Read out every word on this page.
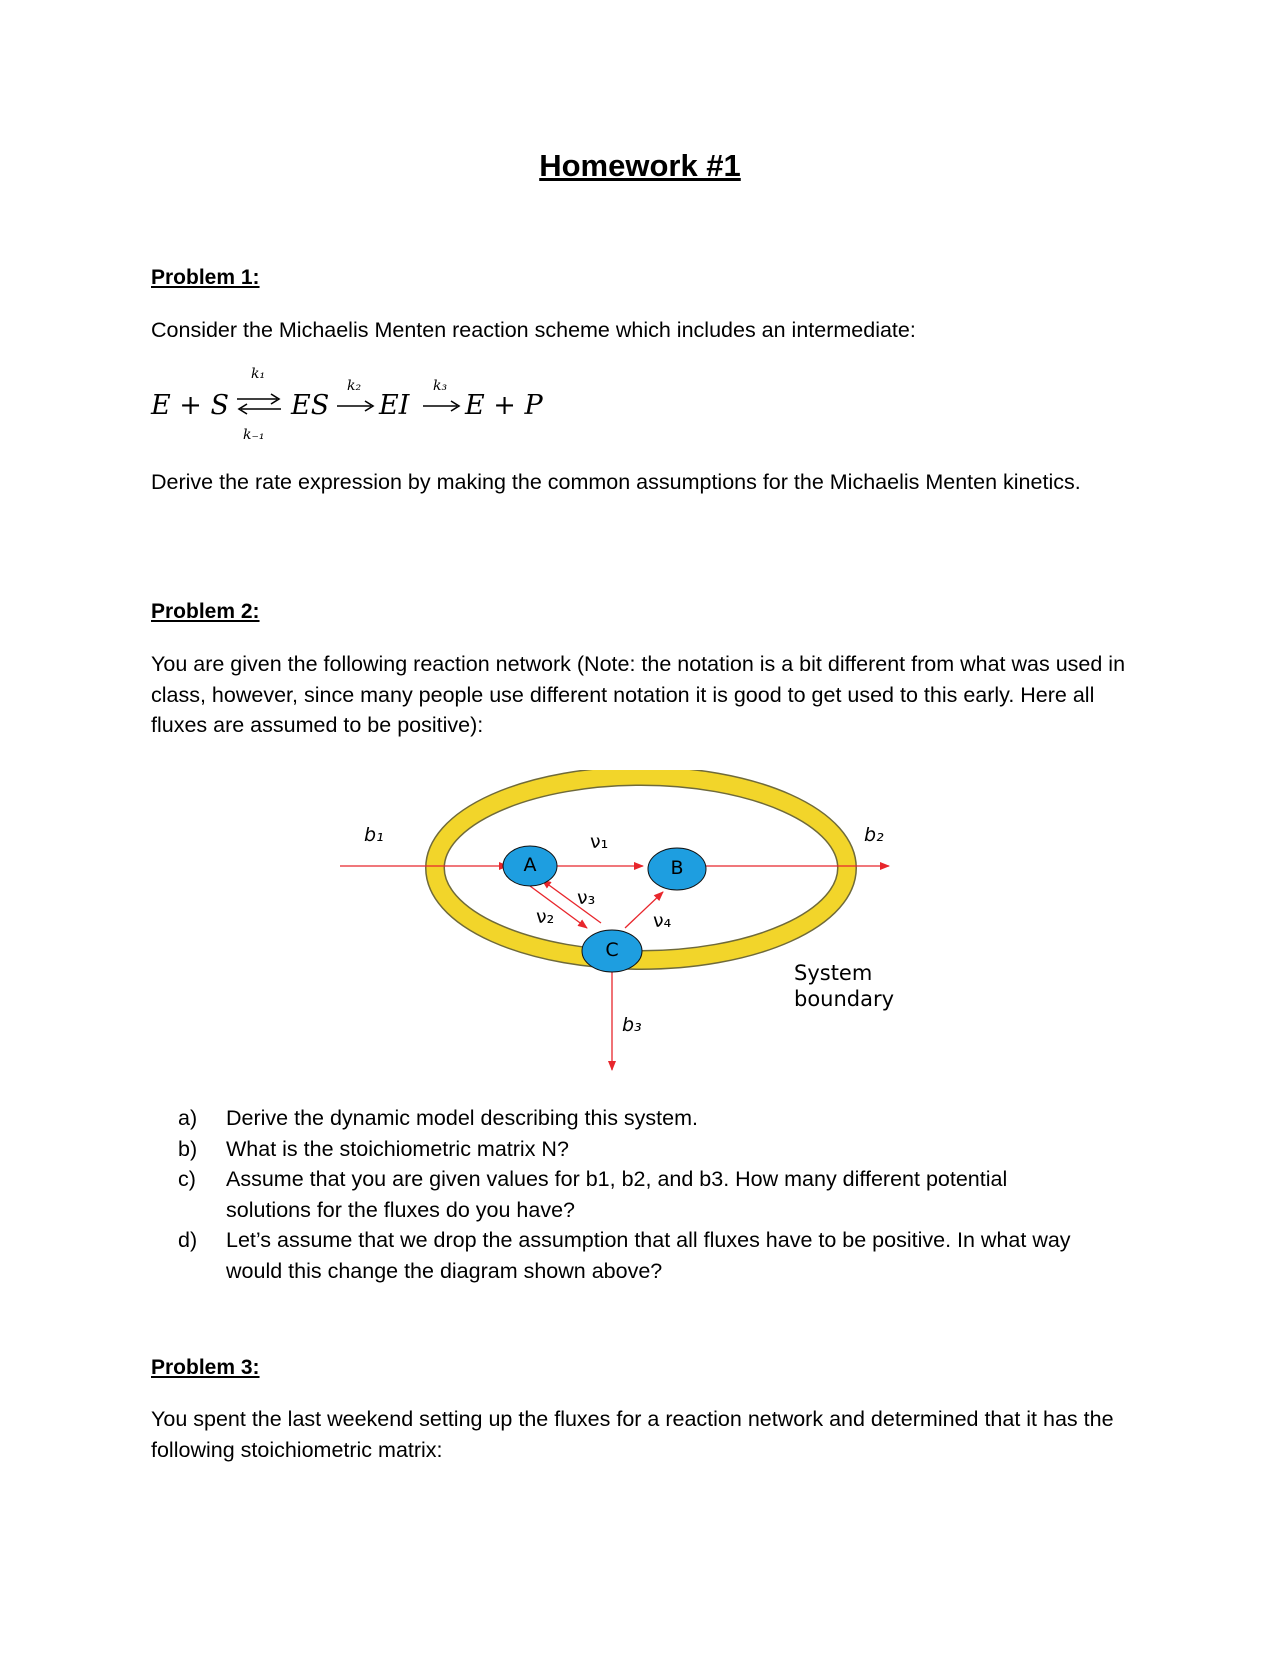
Homework #1

Problem 1:

Consider the Michaelis Menten reaction scheme which includes an intermediate:

E + S ⇌
k₁
k₋₁
ES
k₂
EI
k₃
E + P

Derive the rate expression by making the common assumptions for the Michaelis Menten kinetics.

Problem 2:

You are given the following reaction network (Note: the notation is a bit different from what was used in class, however, since many people use different notation it is good to get used to this early. Here all fluxes are assumed to be positive):

A	B
C
b₁	b₂
b₃
ν₁
ν₂
ν₃
ν₄
System
boundary
a) Derive the dynamic model describing this system.
b) What is the stoichiometric matrix N?
c) Assume that you are given values for b1, b2, and b3. How many different potential solutions for the fluxes do you have?
d) Let’s assume that we drop the assumption that all fluxes have to be positive. In what way would this change the diagram shown above?

Problem 3:

You spent the last weekend setting up the fluxes for a reaction network and determined that it has the following stoichiometric matrix:
